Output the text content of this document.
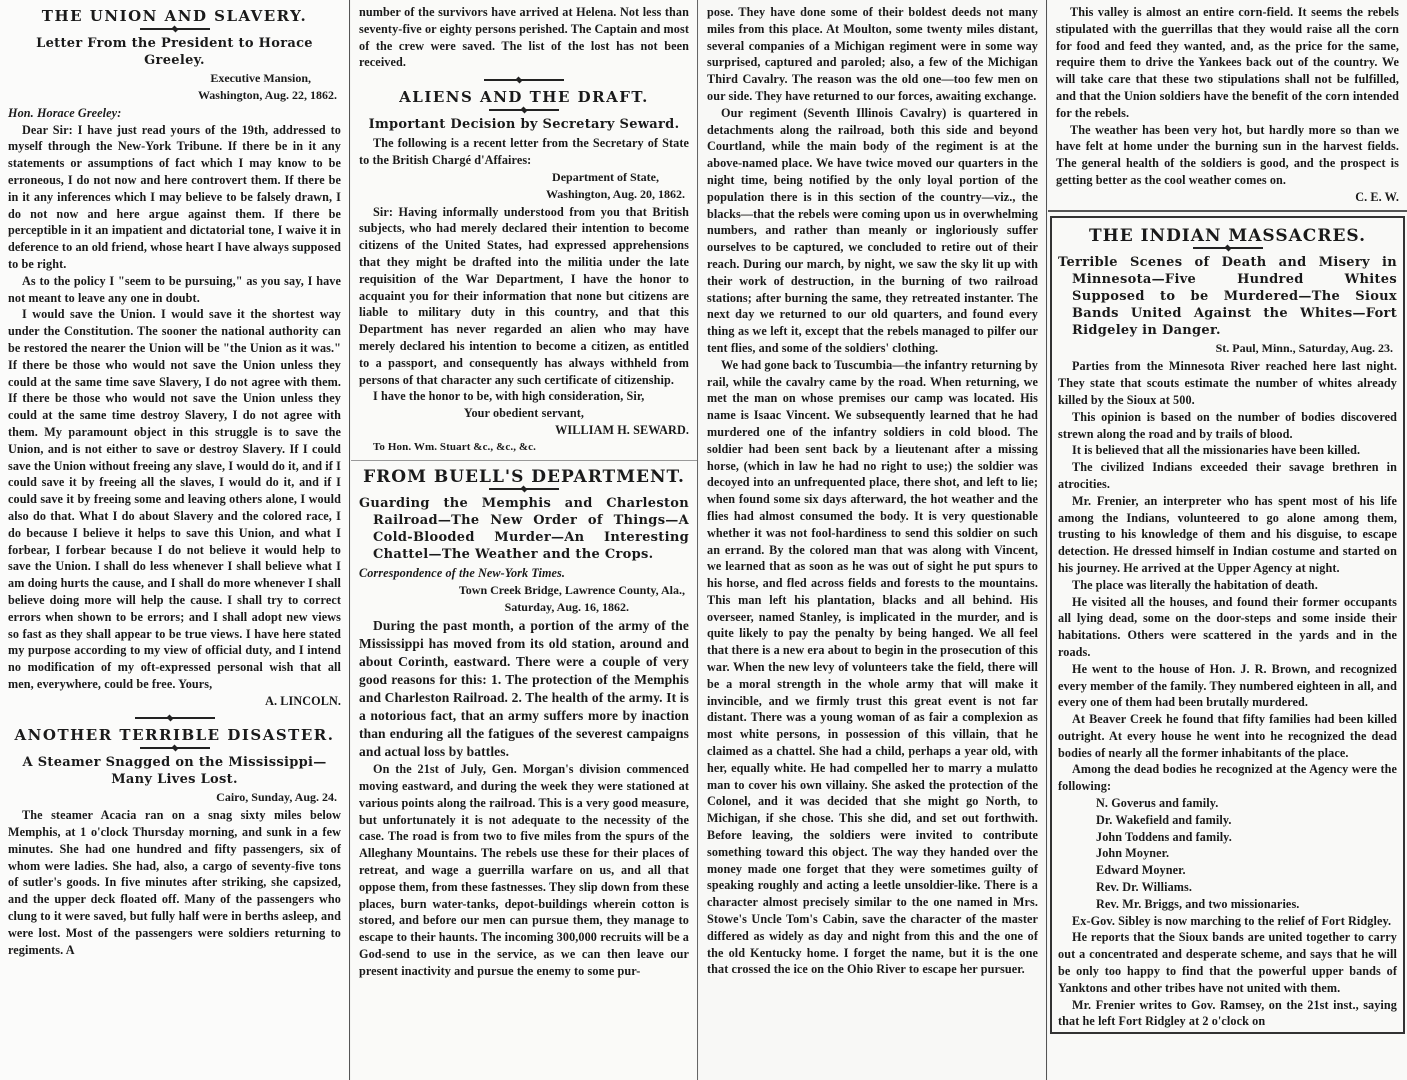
THE UNION AND SLAVERY.
Letter From the President to Horace Greeley.
Executive Mansion,
Washington, Aug. 22, 1862.

Hon. Horace Greeley:

Dear Sir: I have just read yours of the 19th, addressed to myself through the New-York Tribune. If there be in it any statements or assumptions of fact which I may know to be erroneous, I do not now and here controvert them. If there be in it any inferences which I may believe to be falsely drawn, I do not now and here argue against them. If there be perceptible in it an impatient and dictatorial tone, I waive it in deference to an old friend, whose heart I have always supposed to be right.

As to the policy I "seem to be pursuing," as you say, I have not meant to leave any one in doubt.

I would save the Union. I would save it the shortest way under the Constitution. The sooner the national authority can be restored the nearer the Union will be "the Union as it was." If there be those who would not save the Union unless they could at the same time save Slavery, I do not agree with them. If there be those who would not save the Union unless they could at the same time destroy Slavery, I do not agree with them. My paramount object in this struggle is to save the Union, and is not either to save or destroy Slavery. If I could save the Union without freeing any slave, I would do it, and if I could save it by freeing all the slaves, I would do it, and if I could save it by freeing some and leaving others alone, I would also do that. What I do about Slavery and the colored race, I do because I believe it helps to save this Union, and what I forbear, I forbear because I do not believe it would help to save the Union. I shall do less whenever I shall believe what I am doing hurts the cause, and I shall do more whenever I shall believe doing more will help the cause. I shall try to correct errors when shown to be errors; and I shall adopt new views so fast as they shall appear to be true views. I have here stated my purpose according to my view of official duty, and I intend no modification of my oft-expressed personal wish that all men, everywhere, could be free. Yours,

A. LINCOLN.

ANOTHER TERRIBLE DISASTER.
A Steamer Snagged on the Mississippi—Many Lives Lost.
Cairo, Sunday, Aug. 24.

The steamer Acacia ran on a snag sixty miles below Memphis, at 1 o'clock Thursday morning, and sunk in a few minutes. She had one hundred and fifty passengers, six of whom were ladies. She had, also, a cargo of seventy-five tons of sutler's goods. In five minutes after striking, she capsized, and the upper deck floated off. Many of the passengers who clung to it were saved, but fully half were in berths asleep, and were lost. Most of the passengers were soldiers returning to regiments. A

number of the survivors have arrived at Helena. Not less than seventy-five or eighty persons perished. The Captain and most of the crew were saved. The list of the lost has not been received.

ALIENS AND THE DRAFT.
Important Decision by Secretary Seward.

The following is a recent letter from the Secretary of State to the British Chargé d'Affaires:

Department of State,
Washington, Aug. 20, 1862.

Sir: Having informally understood from you that British subjects, who had merely declared their intention to become citizens of the United States, had expressed apprehensions that they might be drafted into the militia under the late requisition of the War Department, I have the honor to acquaint you for their information that none but citizens are liable to military duty in this country, and that this Department has never regarded an alien who may have merely declared his intention to become a citizen, as entitled to a passport, and consequently has always withheld from persons of that character any such certificate of citizenship.

I have the honor to be, with high consideration, Sir,

Your obedient servant,

WILLIAM H. SEWARD.

To Hon. Wm. Stuart &c., &c., &c.

FROM BUELL'S DEPARTMENT.
Guarding the Memphis and Charleston Railroad—The New Order of Things—A Cold-Blooded Murder—An Interesting Chattel—The Weather and the Crops.

Correspondence of the New-York Times.

Town Creek Bridge, Lawrence County, Ala.,
Saturday, Aug. 16, 1862.

During the past month, a portion of the army of the Mississippi has moved from its old station, around and about Corinth, eastward. There were a couple of very good reasons for this: 1. The protection of the Memphis and Charleston Railroad. 2. The health of the army. It is a notorious fact, that an army suffers more by inaction than enduring all the fatigues of the severest campaigns and actual loss by battles.

On the 21st of July, Gen. Morgan's division commenced moving eastward, and during the week they were stationed at various points along the railroad. This is a very good measure, but unfortunately it is not adequate to the necessity of the case. The road is from two to five miles from the spurs of the Alleghany Mountains. The rebels use these for their places of retreat, and wage a guerrilla warfare on us, and all that oppose them, from these fastnesses. They slip down from these places, burn water-tanks, depot-buildings wherein cotton is stored, and before our men can pursue them, they manage to escape to their haunts. The incoming 300,000 recruits will be a God-send to use in the service, as we can then leave our present inactivity and pursue the enemy to some pur-

pose. They have done some of their boldest deeds not many miles from this place. At Moulton, some twenty miles distant, several companies of a Michigan regiment were in some way surprised, captured and paroled; also, a few of the Michigan Third Cavalry. The reason was the old one—too few men on our side. They have returned to our forces, awaiting exchange.

Our regiment (Seventh Illinois Cavalry) is quartered in detachments along the railroad, both this side and beyond Courtland, while the main body of the regiment is at the above-named place. We have twice moved our quarters in the night time, being notified by the only loyal portion of the population there is in this section of the country—viz., the blacks—that the rebels were coming upon us in overwhelming numbers, and rather than meanly or ingloriously suffer ourselves to be captured, we concluded to retire out of their reach. During our march, by night, we saw the sky lit up with their work of destruction, in the burning of two railroad stations; after burning the same, they retreated instanter. The next day we returned to our old quarters, and found every thing as we left it, except that the rebels managed to pilfer our tent flies, and some of the soldiers' clothing.

We had gone back to Tuscumbia—the infantry returning by rail, while the cavalry came by the road. When returning, we met the man on whose premises our camp was located. His name is Isaac Vincent. We subsequently learned that he had murdered one of the infantry soldiers in cold blood. The soldier had been sent back by a lieutenant after a missing horse, (which in law he had no right to use;) the soldier was decoyed into an unfrequented place, there shot, and left to lie; when found some six days afterward, the hot weather and the flies had almost consumed the body. It is very questionable whether it was not fool-hardiness to send this soldier on such an errand. By the colored man that was along with Vincent, we learned that as soon as he was out of sight he put spurs to his horse, and fled across fields and forests to the mountains. This man left his plantation, blacks and all behind. His overseer, named Stanley, is implicated in the murder, and is quite likely to pay the penalty by being hanged. We all feel that there is a new era about to begin in the prosecution of this war. When the new levy of volunteers take the field, there will be a moral strength in the whole army that will make it invincible, and we firmly trust this great event is not far distant. There was a young woman of as fair a complexion as most white persons, in possession of this villain, that he claimed as a chattel. She had a child, perhaps a year old, with her, equally white. He had compelled her to marry a mulatto man to cover his own villainy. She asked the protection of the Colonel, and it was decided that she might go North, to Michigan, if she chose. This she did, and set out forthwith. Before leaving, the soldiers were invited to contribute something toward this object. The way they handed over the money made one forget that they were sometimes guilty of speaking roughly and acting a leetle unsoldier-like. There is a character almost precisely similar to the one named in Mrs. Stowe's Uncle Tom's Cabin, save the character of the master differed as widely as day and night from this and the one of the old Kentucky home. I forget the name, but it is the one that crossed the ice on the Ohio River to escape her pursuer.

This valley is almost an entire corn-field. It seems the rebels stipulated with the guerrillas that they would raise all the corn for food and feed they wanted, and, as the price for the same, require them to drive the Yankees back out of the country. We will take care that these two stipulations shall not be fulfilled, and that the Union soldiers have the benefit of the corn intended for the rebels.

The weather has been very hot, but hardly more so than we have felt at home under the burning sun in the harvest fields. The general health of the soldiers is good, and the prospect is getting better as the cool weather comes on.

C. E. W.

THE INDIAN MASSACRES.
Terrible Scenes of Death and Misery in Minnesota—Five Hundred Whites Supposed to be Murdered—The Sioux Bands United Against the Whites—Fort Ridgeley in Danger.
St. Paul, Minn., Saturday, Aug. 23.

Parties from the Minnesota River reached here last night. They state that scouts estimate the number of whites already killed by the Sioux at 500.

This opinion is based on the number of bodies discovered strewn along the road and by trails of blood.

It is believed that all the missionaries have been killed.

The civilized Indians exceeded their savage brethren in atrocities.

Mr. Frenier, an interpreter who has spent most of his life among the Indians, volunteered to go alone among them, trusting to his knowledge of them and his disguise, to escape detection. He dressed himself in Indian costume and started on his journey. He arrived at the Upper Agency at night.

The place was literally the habitation of death.

He visited all the houses, and found their former occupants all lying dead, some on the door-steps and some inside their habitations. Others were scattered in the yards and in the roads.

He went to the house of Hon. J. R. Brown, and recognized every member of the family. They numbered eighteen in all, and every one of them had been brutally murdered.

At Beaver Creek he found that fifty families had been killed outright. At every house he went into he recognized the dead bodies of nearly all the former inhabitants of the place.

Among the dead bodies he recognized at the Agency were the following:

N. Goverus and family.

Dr. Wakefield and family.

John Toddens and family.

John Moyner.

Edward Moyner.

Rev. Dr. Williams.

Rev. Mr. Briggs, and two missionaries.

Ex-Gov. Sibley is now marching to the relief of Fort Ridgley.

He reports that the Sioux bands are united together to carry out a concentrated and desperate scheme, and says that he will be only too happy to find that the powerful upper bands of Yanktons and other tribes have not united with them.

Mr. Frenier writes to Gov. Ramsey, on the 21st inst., saying that he left Fort Ridgley at 2 o'clock on
